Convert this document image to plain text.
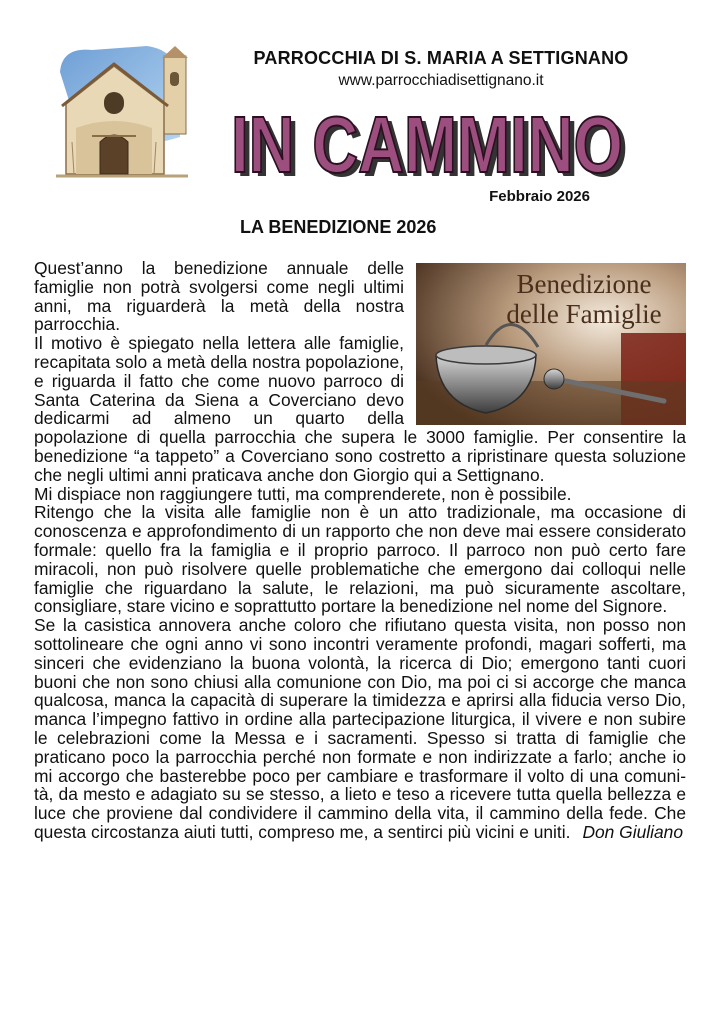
PARROCCHIA DI S. MARIA A SETTIGNANO
www.parrocchiadisettignano.it
IN CAMMINO
IN CAMMINO
Febbraio 2026
LA BENEDIZIONE 2026
Benedizione
delle Famiglie

Quest’anno la benedizione annuale delle famiglie non potrà svolgersi come negli ultimi anni, ma riguarderà la metà della nostra parrocchia.

Il motivo è spiegato nella lettera alle famiglie, recapitata solo a metà della nostra popolazione, e riguarda il fatto che come nuovo parroco di Santa Caterina da Siena a Coverciano devo dedicarmi ad almeno un quarto della popolazione di quella parrocchia che supera le 3000 famiglie. Per consentire la benedizione “a tappeto” a Coverciano sono costretto a ripristinare questa soluzione che negli ultimi anni praticava anche don Giorgio qui a Settignano.

Mi dispiace non raggiungere tutti, ma comprenderete, non è possibile.

Ritengo che la visita alle famiglie non è un atto tradizionale, ma occasione di conoscenza e approfondimento di un rapporto che non deve mai essere considerato formale: quello fra la famiglia e il proprio parroco. Il parroco non può certo fare miracoli, non può risolvere quelle problematiche che emergono dai colloqui nelle famiglie che riguardano la salute, le relazioni, ma può sicuramente ascoltare, consigliare, stare vicino e soprattutto portare la benedizione nel nome del Signore.

Se la casistica annovera anche coloro che rifiutano questa visita, non posso non sottolineare che ogni anno vi sono incontri veramente profondi, magari sofferti, ma sinceri che evidenziano la buona volontà, la ricerca di Dio; emergono tanti cuori buoni che non sono chiusi alla comunione con Dio, ma poi ci si accorge che manca qualcosa, manca la capacità di superare la timidezza e aprirsi alla fiducia verso Dio, manca l’impegno fattivo in ordine alla partecipazione liturgica, il vivere e non subire le celebrazioni come la Messa e i sacramenti. Spesso si tratta di famiglie che praticano poco la parrocchia perché non formate e non indirizzate a farlo; anche io mi accorgo che basterebbe poco per cambiare e trasformare il volto di una comunità, da mesto e adagiato su se stesso, a lieto e teso a ricevere tutta quella bellezza e luce che proviene dal condividere il cammino della vita, il cammino della fede. Che questa circostanza aiuti tutti, compreso me, a sentirci più vicini e uniti. Don Giuliano
